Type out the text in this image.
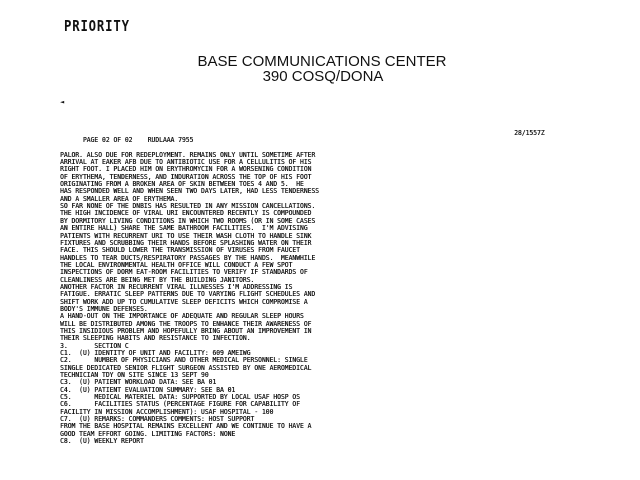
PRIORITY
BASE COMMUNICATIONS CENTER
390 COSQ/DONA
◄

PAGE 02 OF 02    RUDLAAA 7955

28/1557Z

PALOR. ALSO DUE FOR REDEPLOYMENT. REMAINS ONLY UNTIL SOMETIME AFTER
ARRIVAL AT EAKER AFB DUE TO ANTIBIOTIC USE FOR A CELLULITIS OF HIS
RIGHT FOOT. I PLACED HIM ON ERYTHROMYCIN FOR A WORSENING CONDITION
OF ERYTHEMA, TENDERNESS, AND INDURATION ACROSS THE TOP OF HIS FOOT
ORIGINATING FROM A BROKEN AREA OF SKIN BETWEEN TOES 4 AND 5.  HE
HAS RESPONDED WELL AND WHEN SEEN TWO DAYS LATER, HAD LESS TENDERNESS
AND A SMALLER AREA OF ERYTHEMA.
SO FAR NONE OF THE DNBIS HAS RESULTED IN ANY MISSION CANCELLATIONS.
THE HIGH INCIDENCE OF VIRAL URI ENCOUNTERED RECENTLY IS COMPOUNDED
BY DORMITORY LIVING CONDITIONS IN WHICH TWO ROOMS (OR IN SOME CASES
AN ENTIRE HALL) SHARE THE SAME BATHROOM FACILITIES.  I'M ADVISING
PATIENTS WITH RECURRENT URI TO USE THEIR WASH CLOTH TO HANDLE SINK
FIXTURES AND SCRUBBING THEIR HANDS BEFORE SPLASHING WATER ON THEIR
FACE. THIS SHOULD LOWER THE TRANSMISSION OF VIRUSES FROM FAUCET
HANDLES TO TEAR DUCTS/RESPIRATORY PASSAGES BY THE HANDS.  MEANWHILE
THE LOCAL ENVIRONMENTAL HEALTH OFFICE WILL CONDUCT A FEW SPOT
INSPECTIONS OF DORM EAT-ROOM FACILITIES TO VERIFY IF STANDARDS OF
CLEANLINESS ARE BEING MET BY THE BUILDING JANITORS.
ANOTHER FACTOR IN RECURRENT VIRAL ILLNESSES I'M ADDRESSING IS
FATIGUE. ERRATIC SLEEP PATTERNS DUE TO VARYING FLIGHT SCHEDULES AND
SHIFT WORK ADD UP TO CUMULATIVE SLEEP DEFICITS WHICH COMPROMISE A
BODY'S IMMUNE DEFENSES.
A HAND-OUT ON THE IMPORTANCE OF ADEQUATE AND REGULAR SLEEP HOURS
WILL BE DISTRIBUTED AMONG THE TROOPS TO ENHANCE THEIR AWARENESS OF
THIS INSIDIOUS PROBLEM AND HOPEFULLY BRING ABOUT AN IMPROVEMENT IN
THEIR SLEEPING HABITS AND RESISTANCE TO INFECTION.
3.       SECTION C
C1.  (U) IDENTITY OF UNIT AND FACILITY: 609 AMEIWG
C2.      NUMBER OF PHYSICIANS AND OTHER MEDICAL PERSONNEL: SINGLE
SINGLE DEDICATED SENIOR FLIGHT SURGEON ASSISTED BY ONE AEROMEDICAL
TECHNICIAN TDY ON SITE SINCE 13 SEPT 90
C3.  (U) PATIENT WORKLOAD DATA: SEE BA 01
C4.  (U) PATIENT EVALUATION SUMMARY: SEE BA 01
C5.      MEDICAL MATERIEL DATA: SUPPORTED BY LOCAL USAF HOSP OS
C6.      FACILITIES STATUS (PERCENTAGE FIGURE FOR CAPABILITY OF
FACILITY IN MISSION ACCOMPLISHMENT): USAF HOSPITAL - 100
C7.  (U) REMARKS: COMMANDERS COMMENTS: HOST SUPPORT
FROM THE BASE HOSPITAL REMAINS EXCELLENT AND WE CONTINUE TO HAVE A
GOOD TEAM EFFORT GOING. LIMITING FACTORS: NONE
C8.  (U) WEEKLY REPORT
